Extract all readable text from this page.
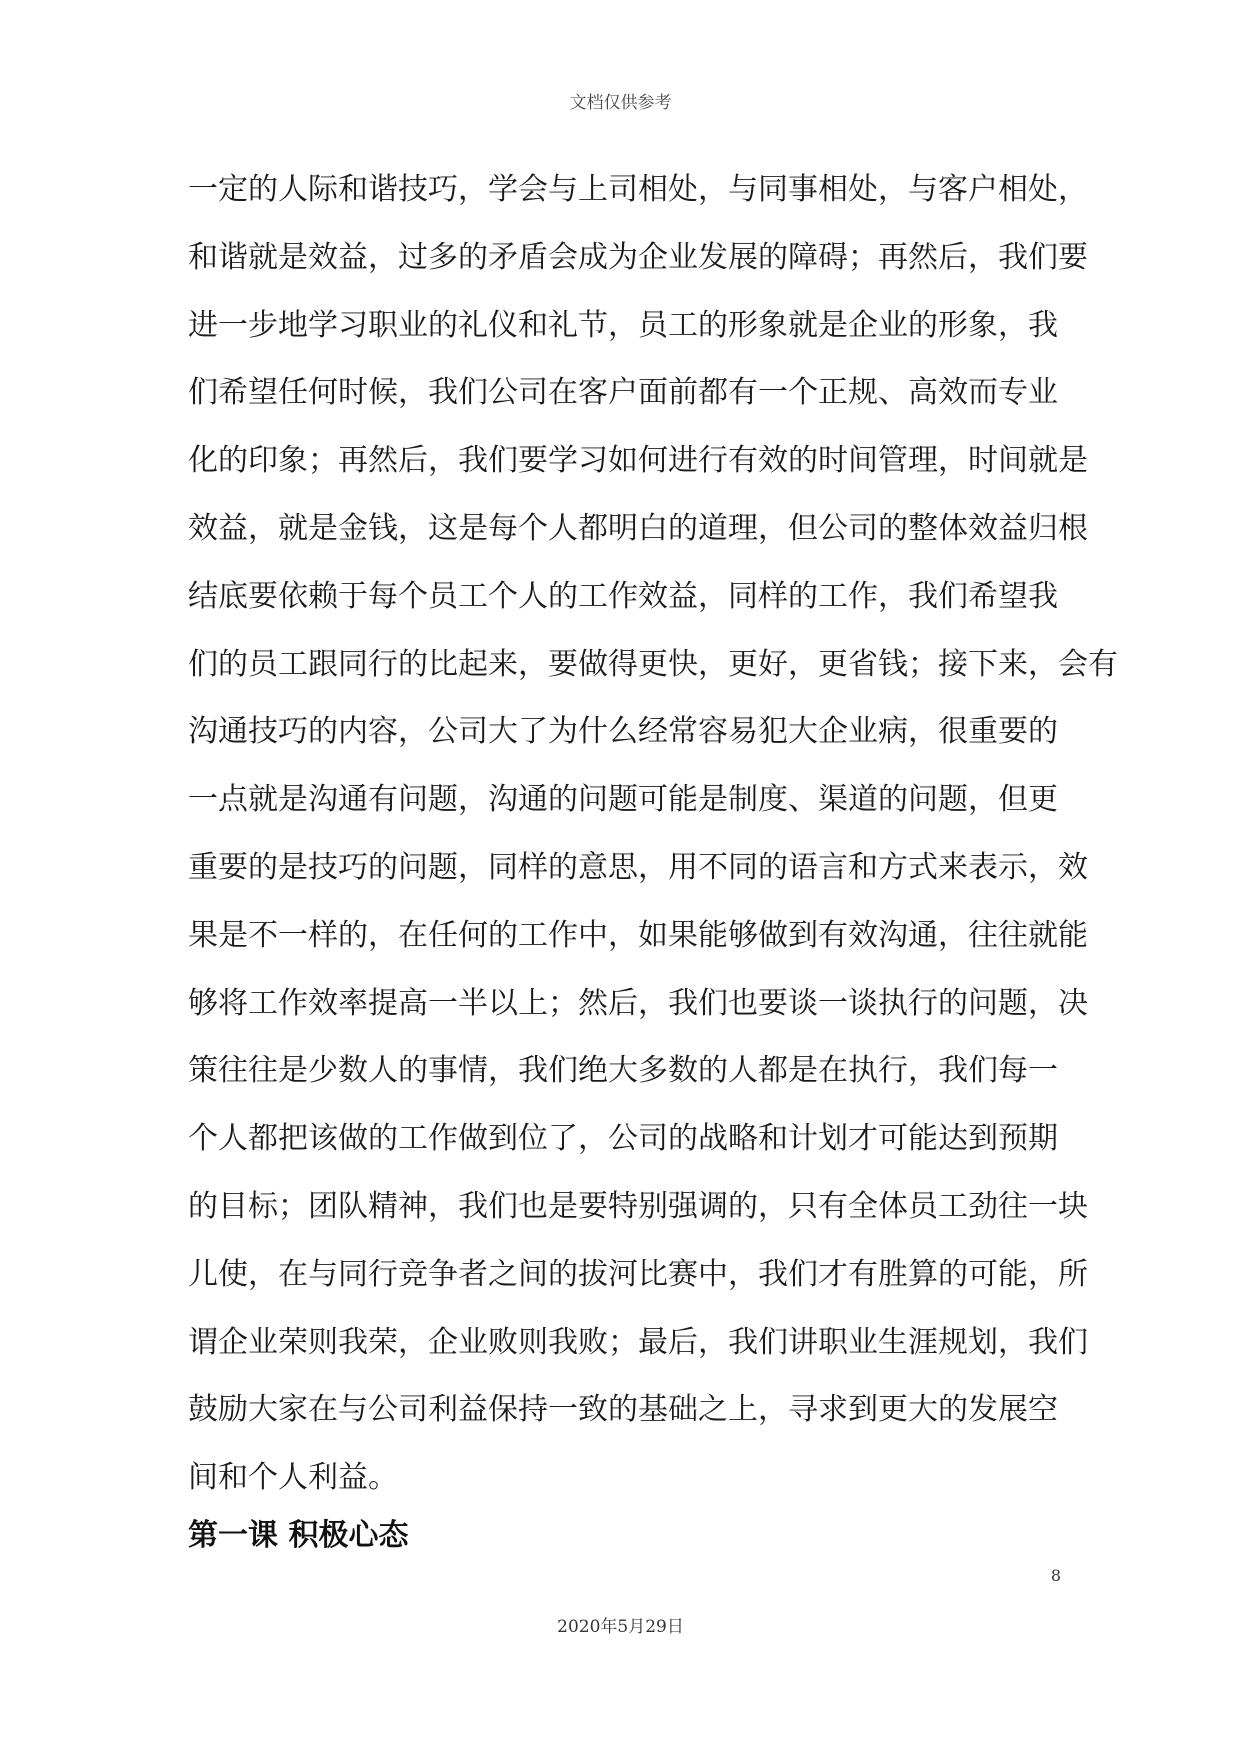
文档仅供参考
一定的人际和谐技巧，学会与上司相处，与同事相处，与客户相处，
和谐就是效益，过多的矛盾会成为企业发展的障碍；再然后，我们要
进一步地学习职业的礼仪和礼节，员工的形象就是企业的形象，我
们希望任何时候，我们公司在客户面前都有一个正规、高效而专业
化的印象；再然后，我们要学习如何进行有效的时间管理，时间就是
效益，就是金钱，这是每个人都明白的道理，但公司的整体效益归根
结底要依赖于每个员工个人的工作效益，同样的工作，我们希望我
们的员工跟同行的比起来，要做得更快，更好，更省钱；接下来，会有
沟通技巧的内容，公司大了为什么经常容易犯大企业病，很重要的
一点就是沟通有问题，沟通的问题可能是制度、渠道的问题，但更
重要的是技巧的问题，同样的意思，用不同的语言和方式来表示，效
果是不一样的，在任何的工作中，如果能够做到有效沟通，往往就能
够将工作效率提高一半以上；然后，我们也要谈一谈执行的问题，决
策往往是少数人的事情，我们绝大多数的人都是在执行，我们每一
个人都把该做的工作做到位了，公司的战略和计划才可能达到预期
的目标；团队精神，我们也是要特别强调的，只有全体员工劲往一块
儿使，在与同行竞争者之间的拔河比赛中，我们才有胜算的可能，所
谓企业荣则我荣，企业败则我败；最后，我们讲职业生涯规划，我们
鼓励大家在与公司利益保持一致的基础之上，寻求到更大的发展空
间和个人利益。
第一课 积极心态
8
2020年5月29日
